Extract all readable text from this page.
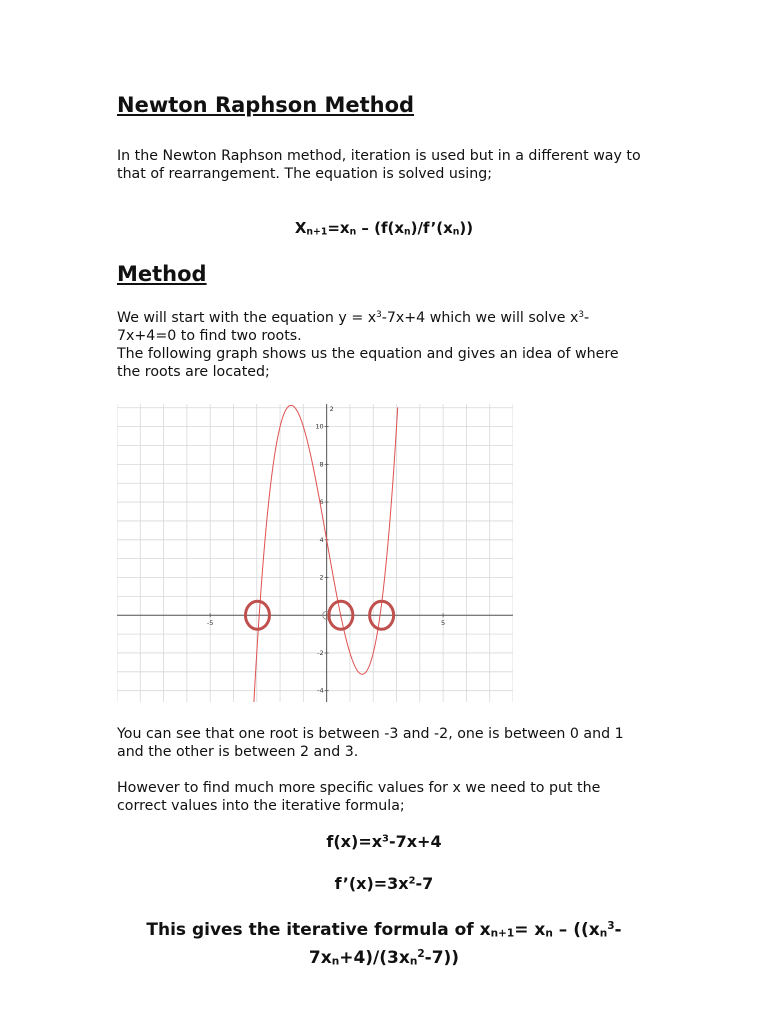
Newton Raphson Method

In the Newton Raphson method, iteration is used but in a different way to that of rearrangement. The equation is solved using;

$X_{n+1}=x_n$ – $(f(x_n)/f’(x_n))$

Method

We will start with the equation $y = x^3-7x+4$ which we will solve $x^3-7x+4=0$ to find two roots.
The following graph shows us the equation and gives an idea of where the roots are located;

-5	5
2
4
6
8
10
-2
-4
2

You can see that one root is between -3 and -2, one is between 0 and 1 and the other is between 2 and 3.

However to find much more specific values for x we need to put the correct values into the iterative formula;

$f(x)=x^3-7x+4$

$f’(x)=3x^2-7$

This gives the iterative formula of $x_{n+1}= x_n - ((x_n^3-7x_n+4)/(3x_n^2-7))$
